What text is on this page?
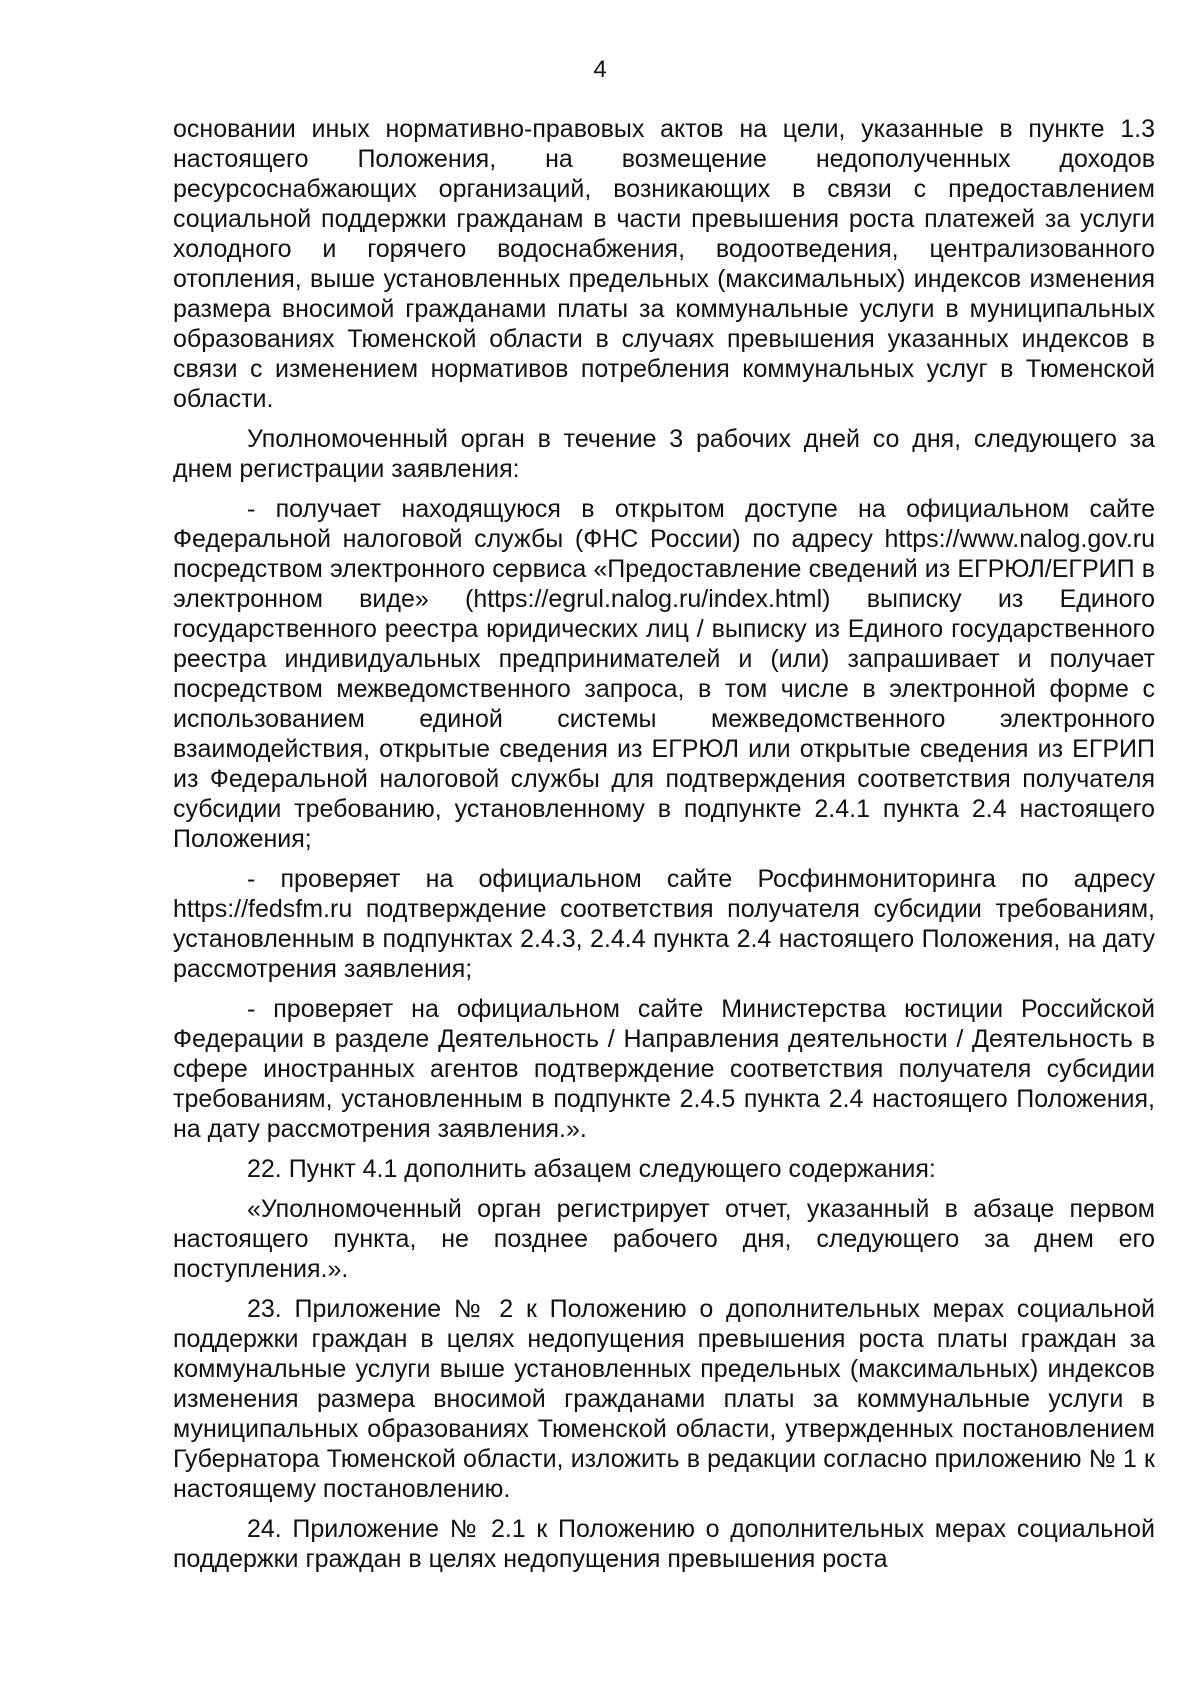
4

основании иных нормативно-правовых актов на цели, указанные в пункте 1.3 настоящего Положения, на возмещение недополученных доходов ресурсоснабжающих организаций, возникающих в связи с предоставлением социальной поддержки гражданам в части превышения роста платежей за услуги холодного и горячего водоснабжения, водоотведения, централизованного отопления, выше установленных предельных (максимальных) индексов изменения размера вносимой гражданами платы за коммунальные услуги в муниципальных образованиях Тюменской области в случаях превышения указанных индексов в связи с изменением нормативов потребления коммунальных услуг в Тюменской области.

Уполномоченный орган в течение 3 рабочих дней со дня, следующего за днем регистрации заявления:

- получает находящуюся в открытом доступе на официальном сайте Федеральной налоговой службы (ФНС России) по адресу https://www.nalog.gov.ru посредством электронного сервиса «Предоставление сведений из ЕГРЮЛ/ЕГРИП в электронном виде» (https://egrul.nalog.ru/index.html) выписку из Единого государственного реестра юридических лиц / выписку из Единого государственного реестра индивидуальных предпринимателей и (или) запрашивает и получает посредством межведомственного запроса, в том числе в электронной форме с использованием единой системы межведомственного электронного взаимодействия, открытые сведения из ЕГРЮЛ или открытые сведения из ЕГРИП из Федеральной налоговой службы для подтверждения соответствия получателя субсидии требованию, установленному в подпункте 2.4.1 пункта 2.4 настоящего Положения;

- проверяет на официальном сайте Росфинмониторинга по адресу https://fedsfm.ru подтверждение соответствия получателя субсидии требованиям, установленным в подпунктах 2.4.3, 2.4.4 пункта 2.4 настоящего Положения, на дату рассмотрения заявления;

- проверяет на официальном сайте Министерства юстиции Российской Федерации в разделе Деятельность / Направления деятельности / Деятельность в сфере иностранных агентов подтверждение соответствия получателя субсидии требованиям, установленным в подпункте 2.4.5 пункта 2.4 настоящего Положения, на дату рассмотрения заявления.».

22. Пункт 4.1 дополнить абзацем следующего содержания:

«Уполномоченный орган регистрирует отчет, указанный в абзаце первом настоящего пункта, не позднее рабочего дня, следующего за днем его поступления.».

23. Приложение № 2 к Положению о дополнительных мерах социальной поддержки граждан в целях недопущения превышения роста платы граждан за коммунальные услуги выше установленных предельных (максимальных) индексов изменения размера вносимой гражданами платы за коммунальные услуги в муниципальных образованиях Тюменской области, утвержденных постановлением Губернатора Тюменской области, изложить в редакции согласно приложению № 1 к настоящему постановлению.

24. Приложение № 2.1 к Положению о дополнительных мерах социальной поддержки граждан в целях недопущения превышения роста
